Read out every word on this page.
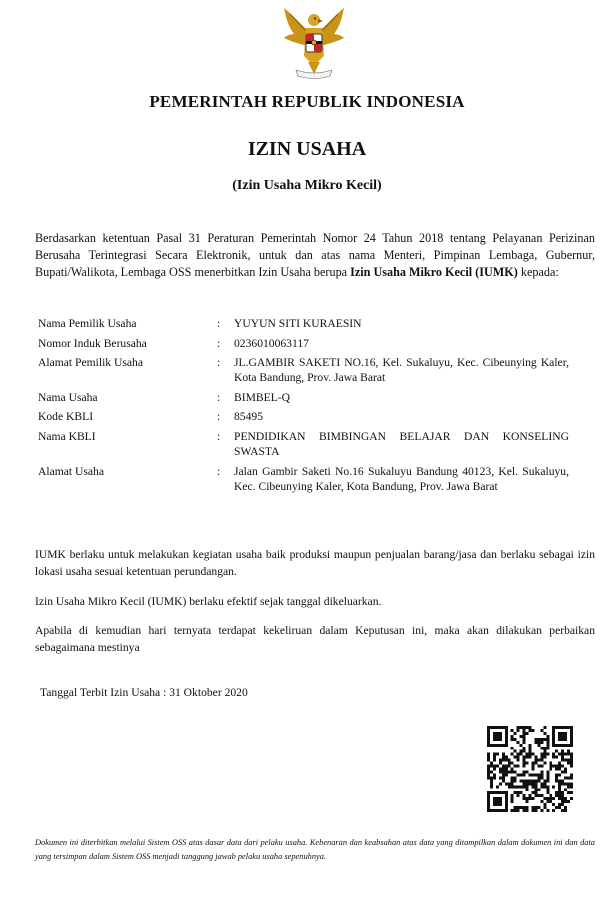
PEMERINTAH REPUBLIK INDONESIA
IZIN USAHA
(Izin Usaha Mikro Kecil)
Berdasarkan ketentuan Pasal 31 Peraturan Pemerintah Nomor 24 Tahun 2018 tentang Pelayanan Perizinan Berusaha Terintegrasi Secara Elektronik, untuk dan atas nama Menteri, Pimpinan Lembaga, Gubernur, Bupati/Walikota, Lembaga OSS menerbitkan Izin Usaha berupa Izin Usaha Mikro Kecil (IUMK) kepada:
Nama Pemilik Usaha	:	YUYUN SITI KURAESIN
Nomor Induk Berusaha	:	0236010063117
Alamat Pemilik Usaha	:	JL.GAMBIR SAKETI NO.16, Kel. Sukaluyu, Kec. Cibeunying Kaler, Kota Bandung, Prov. Jawa Barat
Nama Usaha	:	BIMBEL-Q
Kode KBLI	:	85495
Nama KBLI	:	PENDIDIKAN BIMBINGAN BELAJAR DAN KONSELING SWASTA
Alamat Usaha	:	Jalan Gambir Saketi No.16 Sukaluyu Bandung 40123, Kel. Sukaluyu, Kec. Cibeunying Kaler, Kota Bandung, Prov. Jawa Barat
IUMK berlaku untuk melakukan kegiatan usaha baik produksi maupun penjualan barang/jasa dan berlaku sebagai izin lokasi usaha sesuai ketentuan perundangan.
Izin Usaha Mikro Kecil (IUMK) berlaku efektif sejak tanggal dikeluarkan.
Apabila di kemudian hari ternyata terdapat kekeliruan dalam Keputusan ini, maka akan dilakukan perbaikan sebagaimana mestinya
Tanggal Terbit Izin Usaha : 31 Oktober 2020
Dokumen ini diterbitkan melalui Sistem OSS atas dasar data dari pelaku usaha. Kebenaran dan keabsahan atas data yang ditampilkan dalam dokumen ini dan data yang tersimpan dalam Sistem OSS menjadi tanggung jawab pelaku usaha sepenuhnya.
